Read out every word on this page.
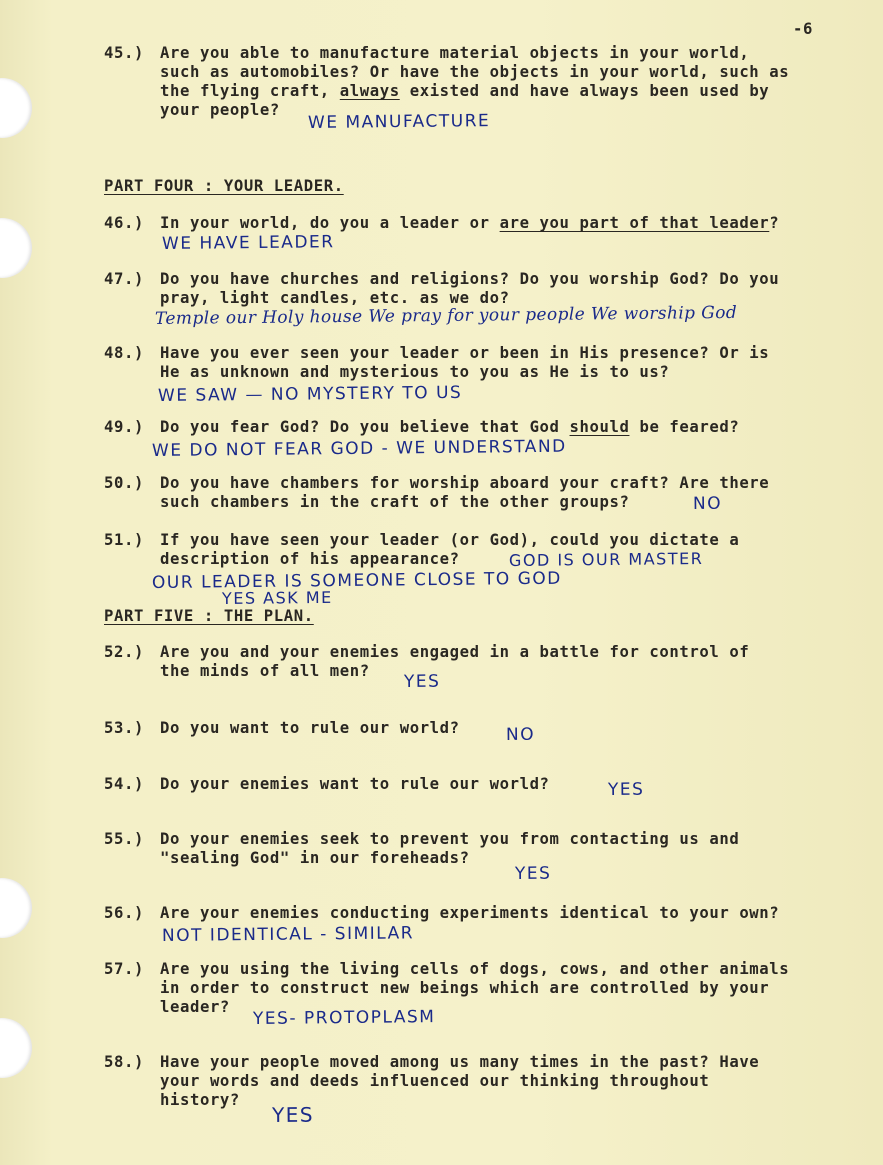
-6
45.) Are you able to manufacture material objects in your world,
such as automobiles? Or have the objects in your world, such as
the flying craft, always existed and have always been used by
your people?
WE MANUFACTURE
PART FOUR : YOUR LEADER.
46.) In your world, do you a leader or are you part of that leader?
WE HAVE LEADER
47.) Do you have churches and religions? Do you worship God? Do you
pray, light candles, etc. as we do?
Temple our Holy house We pray for your people We worship God
48.) Have you ever seen your leader or been in His presence? Or is
He as unknown and mysterious to you as He is to us?
WE SAW — NO MYSTERY TO US
49.) Do you fear God? Do you believe that God should be feared?
WE DO NOT FEAR GOD - WE UNDERSTAND
50.) Do you have chambers for worship aboard your craft? Are there
such chambers in the craft of the other groups?	NO
51.) If you have seen your leader (or God), could you dictate a
description of his appearance?	GOD IS OUR MASTER
OUR LEADER IS SOMEONE CLOSE TO GOD
YES ASK ME
PART FIVE : THE PLAN.
52.) Are you and your enemies engaged in a battle for control of
the minds of all men?
YES
53.) Do you want to rule our world?	NO
54.) Do your enemies want to rule our world?	YES
55.) Do your enemies seek to prevent you from contacting us and
"sealing God" in our foreheads?
YES
56.) Are your enemies conducting experiments identical to your own?
NOT IDENTICAL - SIMILAR
57.) Are you using the living cells of dogs, cows, and other animals
in order to construct new beings which are controlled by your
leader?
YES- PROTOPLASM
58.) Have your people moved among us many times in the past? Have
your words and deeds influenced our thinking throughout
history?
YES
